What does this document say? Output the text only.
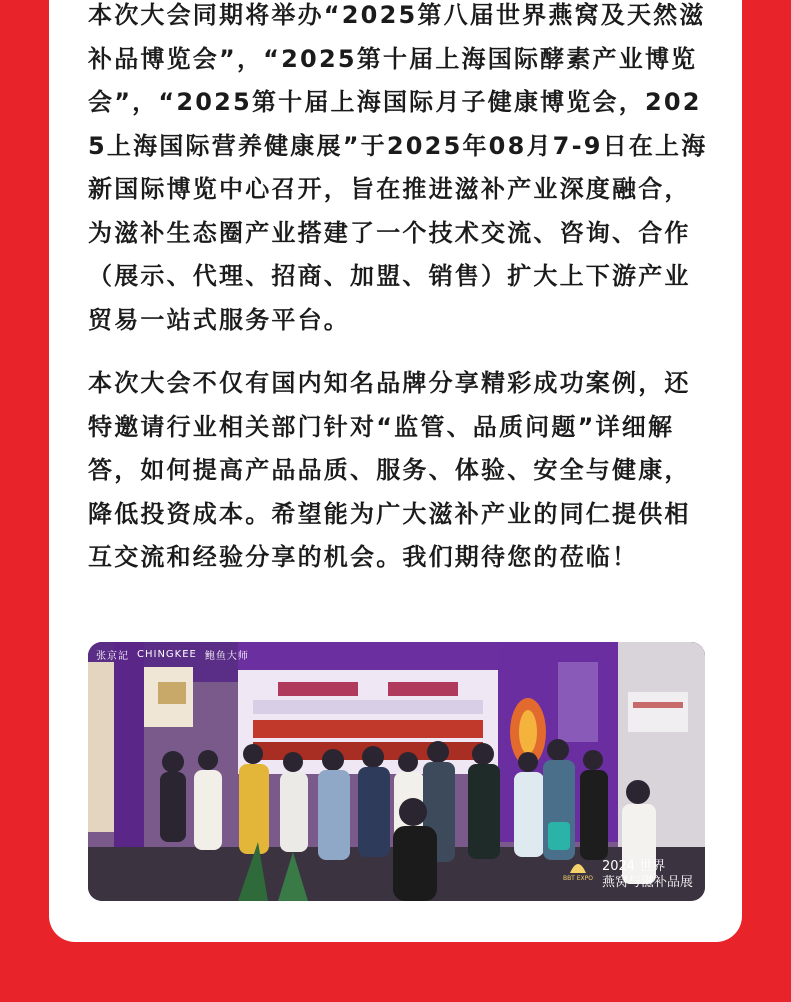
本次大会同期将举办“2025第八届世界燕窝及天然滋补品博览会”，“2025第十届上海国际酵素产业博览会”，“2025第十届上海国际月子健康博览会，2025上海国际营养健康展”于2025年08月7-9日在上海新国际博览中心召开，旨在推进滋补产业深度融合，为滋补生态圈产业搭建了一个技术交流、咨询、合作（展示、代理、招商、加盟、销售）扩大上下游产业贸易一站式服务平台。

本次大会不仅有国内知名品牌分享精彩成功案例，还特邀请行业相关部门针对“监管、品质问题”详细解答，如何提高产品品质、服务、体验、安全与健康，降低投资成本。希望能为广大滋补产业的同仁提供相互交流和经验分享的机会。我们期待您的莅临！

张京記 CHINGKEE 鲍鱼大师
BBT EXPO
2024 世界
燕窝与滋补品展
